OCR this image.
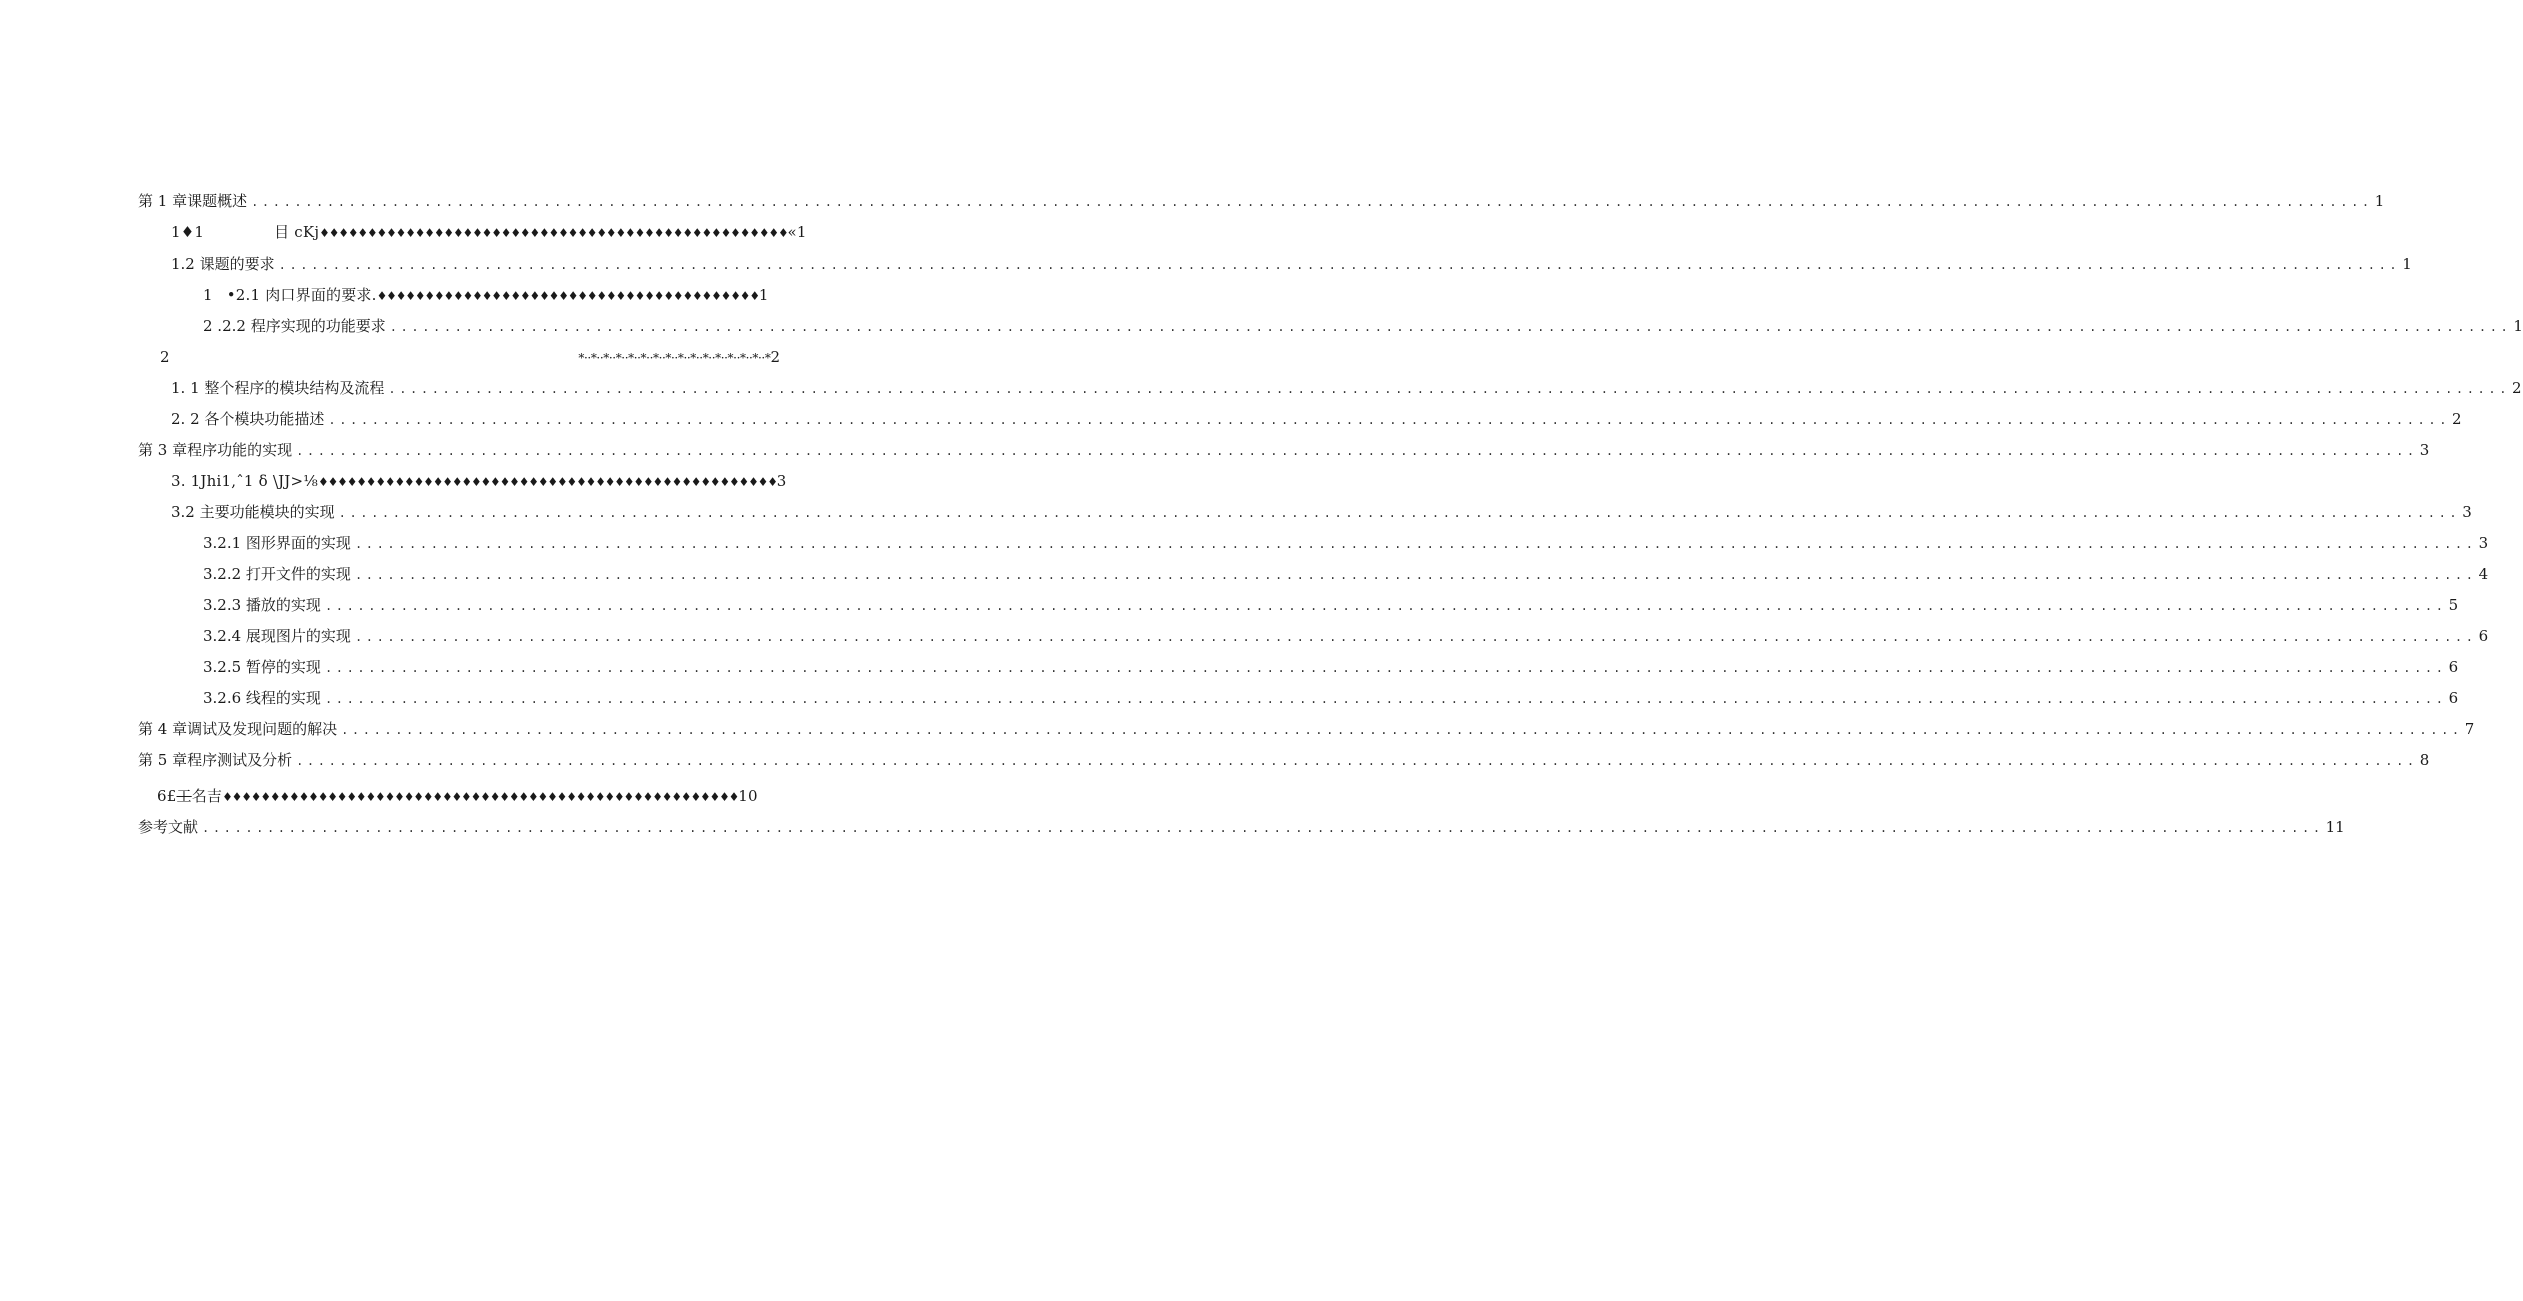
第 1 章课题概述 .....	1
1♦1	目 cKj♦♦♦♦♦♦♦♦♦♦♦♦♦♦♦♦♦♦♦♦♦♦♦♦♦♦♦♦♦♦♦♦♦♦♦♦♦♦♦♦♦♦♦♦♦♦♦♦♦«1
1.2 课题的要求 .....	1
1 •2.1 肉口界面的要求.♦♦♦♦♦♦♦♦♦♦♦♦♦♦♦♦♦♦♦♦♦♦♦♦♦♦♦♦♦♦♦♦♦♦♦♦♦♦♦♦1
2 .2.2 程序实现的功能要求 .....	1
2	*··*··*··*··*··*··*··*··*··*··*··*··*··*··*··*2
1. 1 整个程序的模块结构及流程 .....	2
2. 2 各个模块功能描述 .....	2
第 3 章程序功能的实现 .....	3
3. 1Jhi1,ˆ1 δ \JJ>⅛♦♦♦♦♦♦♦♦♦♦♦♦♦♦♦♦♦♦♦♦♦♦♦♦♦♦♦♦♦♦♦♦♦♦♦♦♦♦♦♦♦♦♦♦♦♦♦♦3
3.2 主要功能模块的实现 .....	3
3.2.1 图形界面的实现 .....	3
3.2.2 打开文件的实现 .....	4
3.2.3 播放的实现 .....	5
3.2.4 展现图片的实现 .....	6
3.2.5 暂停的实现 .....	6
3.2.6 线程的实现 .....	6
第 4 章调试及发现问题的解决 .....	7
第 5 章程序测试及分析 .....	8
6£工名吉♦♦♦♦♦♦♦♦♦♦♦♦♦♦♦♦♦♦♦♦♦♦♦♦♦♦♦♦♦♦♦♦♦♦♦♦♦♦♦♦♦♦♦♦♦♦♦♦♦♦♦♦♦♦10
参考文献 .....	11
